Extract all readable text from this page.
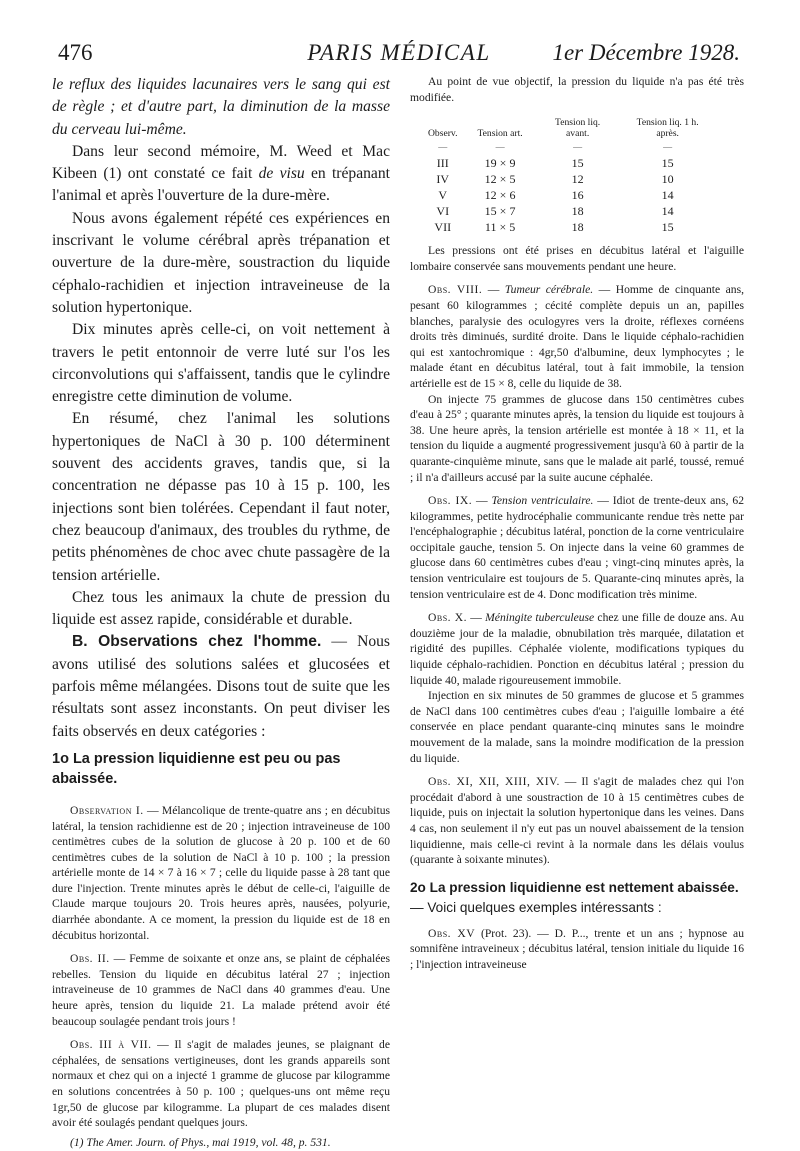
476	PARIS MÉDICAL	1er Décembre 1928.

le reflux des liquides lacunaires vers le sang qui est de règle ; et d'autre part, la diminution de la masse du cerveau lui-même.

Dans leur second mémoire, M. Weed et Mac Kibeen (1) ont constaté ce fait de visu en trépanant l'animal et après l'ouverture de la dure-mère.

Nous avons également répété ces expériences en inscrivant le volume cérébral après trépanation et ouverture de la dure-mère, soustraction du liquide céphalo-rachidien et injection intraveineuse de la solution hypertonique.

Dix minutes après celle-ci, on voit nettement à travers le petit entonnoir de verre luté sur l'os les circonvolutions qui s'affaissent, tandis que le cylindre enregistre cette diminution de volume.

En résumé, chez l'animal les solutions hypertoniques de NaCl à 30 p. 100 déterminent souvent des accidents graves, tandis que, si la concentration ne dépasse pas 10 à 15 p. 100, les injections sont bien tolérées. Cependant il faut noter, chez beaucoup d'animaux, des troubles du rythme, de petits phénomènes de choc avec chute passagère de la tension artérielle.

Chez tous les animaux la chute de pression du liquide est assez rapide, considérable et durable.

B. Observations chez l'homme. — Nous avons utilisé des solutions salées et glucosées et parfois même mélangées. Disons tout de suite que les résultats sont assez inconstants. On peut diviser les faits observés en deux catégories :

1o La pression liquidienne est peu ou pas abaissée.

Observation I. — Mélancolique de trente-quatre ans ; en décubitus latéral, la tension rachidienne est de 20 ; injection intraveineuse de 100 centimètres cubes de la solution de glucose à 20 p. 100 et de 60 centimètres cubes de la solution de NaCl à 10 p. 100 ; la pression artérielle monte de 14 × 7 à 16 × 7 ; celle du liquide passe à 28 tant que dure l'injection. Trente minutes après le début de celle-ci, l'aiguille de Claude marque toujours 20. Trois heures après, nausées, polyurie, diarrhée abondante. A ce moment, la pression du liquide est de 18 en décubitus horizontal.

Obs. II. — Femme de soixante et onze ans, se plaint de céphalées rebelles. Tension du liquide en décubitus latéral 27 ; injection intraveineuse de 10 grammes de NaCl dans 40 grammes d'eau. Une heure après, tension du liquide 21. La malade prétend avoir été beaucoup soulagée pendant trois jours !

Obs. III à VII. — Il s'agit de malades jeunes, se plaignant de céphalées, de sensations vertigineuses, dont les grands appareils sont normaux et chez qui on a injecté 1 gramme de glucose par kilogramme en solutions concentrées à 50 p. 100 ; quelques-uns ont même reçu 1gr,50 de glucose par kilogramme. La plupart de ces malades disent avoir été soulagés pendant quelques jours.

(1) The Amer. Journ. of Phys., mai 1919, vol. 48, p. 531.

Au point de vue objectif, la pression du liquide n'a pas été très modifiée.

Observ.	Tension art.	Tension liq. avant.	Tension liq. 1 h. après.
—	—	—	—
III	19 × 9	15	15
IV	12 × 5	12	10
V	12 × 6	16	14
VI	15 × 7	18	14
VII	11 × 5	18	15

Les pressions ont été prises en décubitus latéral et l'aiguille lombaire conservée sans mouvements pendant une heure.

Obs. VIII. — Tumeur cérébrale. — Homme de cinquante ans, pesant 60 kilogrammes ; cécité complète depuis un an, papilles blanches, paralysie des oculogyres vers la droite, réflexes cornéens droits très diminués, surdité droite. Dans le liquide céphalo-rachidien qui est xantochromique : 4gr,50 d'albumine, deux lymphocytes ; le malade étant en décubitus latéral, tout à fait immobile, la tension artérielle est de 15 × 8, celle du liquide de 38.

On injecte 75 grammes de glucose dans 150 centimètres cubes d'eau à 25° ; quarante minutes après, la tension du liquide est toujours à 38. Une heure après, la tension artérielle est montée à 18 × 11, et la tension du liquide a augmenté progressivement jusqu'à 60 à partir de la quarante-cinquième minute, sans que le malade ait parlé, toussé, remué ; il n'a d'ailleurs accusé par la suite aucune céphalée.

Obs. IX. — Tension ventriculaire. — Idiot de trente-deux ans, 62 kilogrammes, petite hydrocéphalie communicante rendue très nette par l'encéphalographie ; décubitus latéral, ponction de la corne ventriculaire occipitale gauche, tension 5. On injecte dans la veine 60 grammes de glucose dans 60 centimètres cubes d'eau ; vingt-cinq minutes après, la tension ventriculaire est toujours de 5. Quarante-cinq minutes après, la tension ventriculaire est de 4. Donc modification très minime.

Obs. X. — Méningite tuberculeuse chez une fille de douze ans. Au douzième jour de la maladie, obnubilation très marquée, dilatation et rigidité des pupilles. Céphalée violente, modifications typiques du liquide céphalo-rachidien. Ponction en décubitus latéral ; pression du liquide 40, malade rigoureusement immobile.

Injection en six minutes de 50 grammes de glucose et 5 grammes de NaCl dans 100 centimètres cubes d'eau ; l'aiguille lombaire a été conservée en place pendant quarante-cinq minutes sans le moindre mouvement de la malade, sans la moindre modification de la pression du liquide.

Obs. XI, XII, XIII, XIV. — Il s'agit de malades chez qui l'on procédait d'abord à une soustraction de 10 à 15 centimètres cubes de liquide, puis on injectait la solution hypertonique dans les veines. Dans 4 cas, non seulement il n'y eut pas un nouvel abaissement de la tension liquidienne, mais celle-ci revint à la normale dans les délais voulus (quarante à soixante minutes).

2o La pression liquidienne est nettement abaissée. — Voici quelques exemples intéressants :

Obs. XV (Prot. 23). — D. P..., trente et un ans ; hypnose au somnifène intraveineux ; décubitus latéral, tension initiale du liquide 16 ; l'injection intraveineuse
